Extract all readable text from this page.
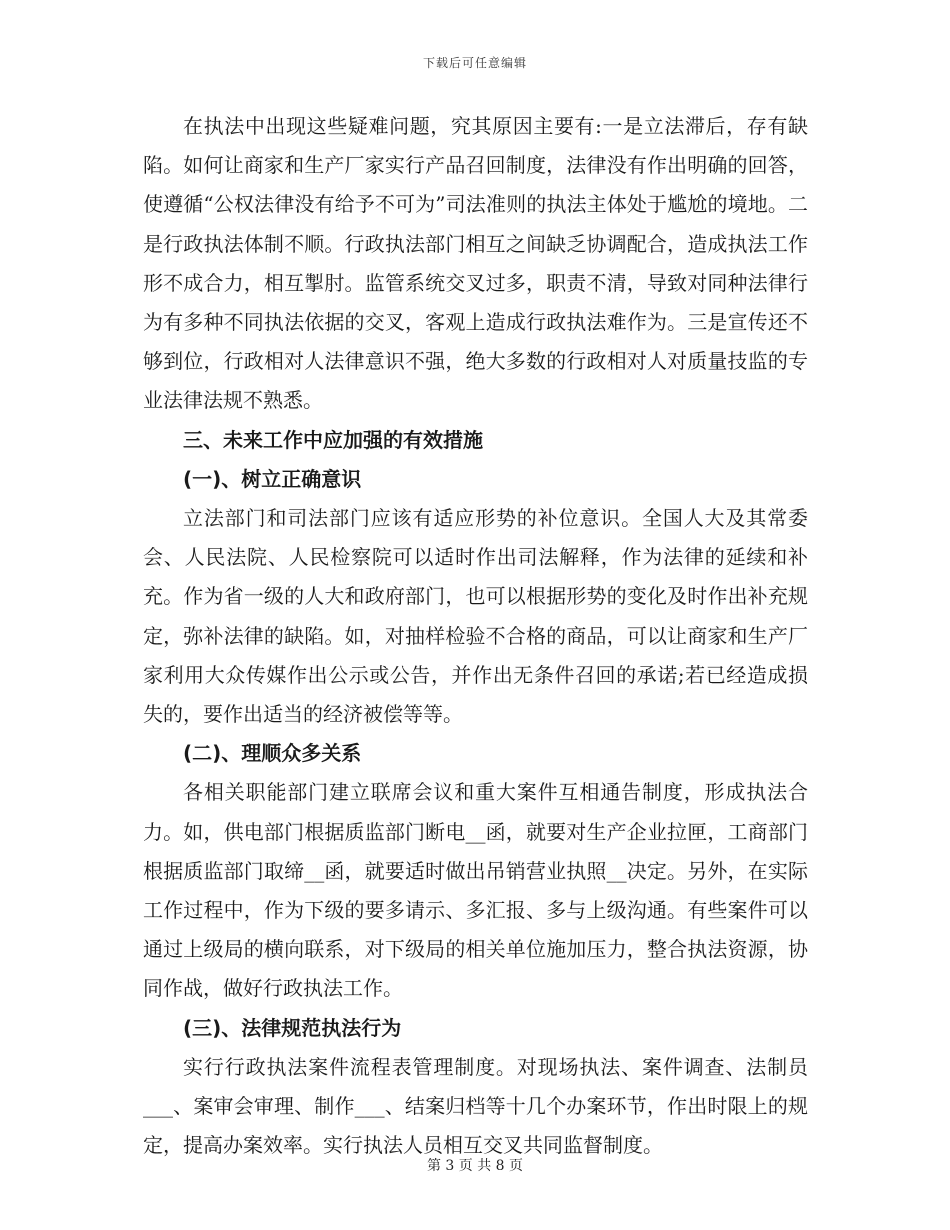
下载后可任意编辑

在执法中出现这些疑难问题，究其原因主要有:一是立法滞后，存有缺陷。如何让商家和生产厂家实行产品召回制度，法律没有作出明确的回答，使遵循“公权法律没有给予不可为”司法准则的执法主体处于尴尬的境地。二是行政执法体制不顺。行政执法部门相互之间缺乏协调配合，造成执法工作形不成合力，相互掣肘。监管系统交叉过多，职责不清，导致对同种法律行为有多种不同执法依据的交叉，客观上造成行政执法难作为。三是宣传还不够到位，行政相对人法律意识不强，绝大多数的行政相对人对质量技监的专业法律法规不熟悉。

三、未来工作中应加强的有效措施

(一)、树立正确意识

立法部门和司法部门应该有适应形势的补位意识。全国人大及其常委会、人民法院、人民检察院可以适时作出司法解释，作为法律的延续和补充。作为省一级的人大和政府部门，也可以根据形势的变化及时作出补充规定，弥补法律的缺陷。如，对抽样检验不合格的商品，可以让商家和生产厂家利用大众传媒作出公示或公告，并作出无条件召回的承诺;若已经造成损失的，要作出适当的经济被偿等等。

(二)、理顺众多关系

各相关职能部门建立联席会议和重大案件互相通告制度，形成执法合力。如，供电部门根据质监部门断电__函，就要对生产企业拉匣，工商部门根据质监部门取缔__函，就要适时做出吊销营业执照__决定。另外，在实际工作过程中，作为下级的要多请示、多汇报、多与上级沟通。有些案件可以通过上级局的横向联系，对下级局的相关单位施加压力，整合执法资源，协同作战，做好行政执法工作。

(三)、法律规范执法行为

实行行政执法案件流程表管理制度。对现场执法、案件调查、法制员___、案审会审理、制作___、结案归档等十几个办案环节，作出时限上的规定，提高办案效率。实行执法人员相互交叉共同监督制度。

第 3 页 共 8 页
